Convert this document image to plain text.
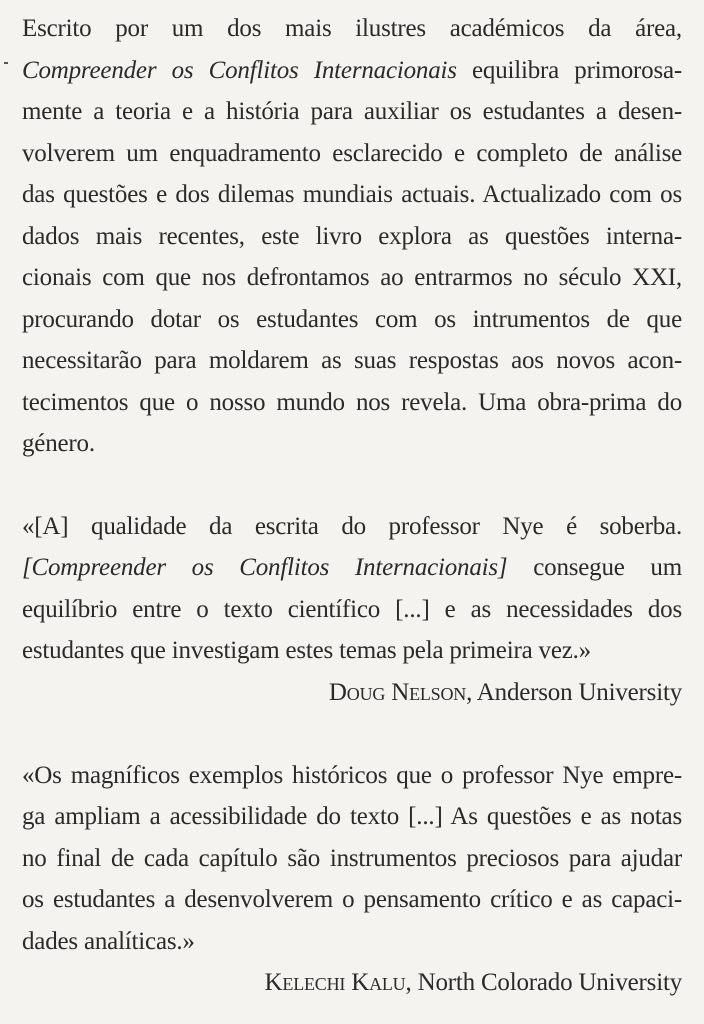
Escrito por um dos mais ilustres académicos da área,
Compreender os Conflitos Internacionais equilibra primorosa-
mente a teoria e a história para auxiliar os estudantes a desen-
volverem um enquadramento esclarecido e completo de análise
das questões e dos dilemas mundiais actuais. Actualizado com os
dados mais recentes, este livro explora as questões interna-
cionais com que nos defrontamos ao entrarmos no século XXI,
procurando dotar os estudantes com os intrumentos de que
necessitarão para moldarem as suas respostas aos novos acon-
tecimentos que o nosso mundo nos revela. Uma obra-prima do
género.
«[A] qualidade da escrita do professor Nye é soberba.
[Compreender os Conflitos Internacionais] consegue um
equilíbrio entre o texto científico [...] e as necessidades dos
estudantes que investigam estes temas pela primeira vez.»
Doug Nelson, Anderson University
«Os magníficos exemplos históricos que o professor Nye empre-
ga ampliam a acessibilidade do texto [...] As questões e as notas
no final de cada capítulo são instrumentos preciosos para ajudar
os estudantes a desenvolverem o pensamento crítico e as capaci-
dades analíticas.»
Kelechi Kalu, North Colorado University
